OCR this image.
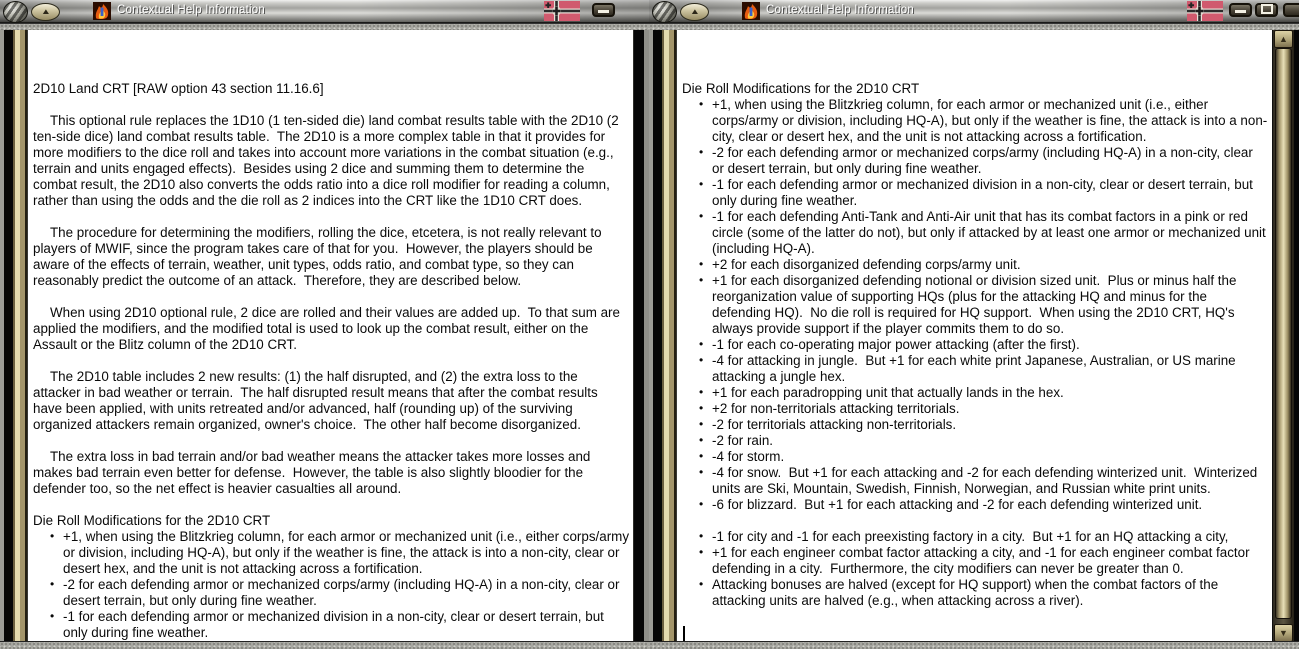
▲	Contextual Help Information

2D10 Land CRT [RAW option 43 section 11.16.6]
This optional rule replaces the 1D10 (1 ten-sided die) land combat results table with the 2D10 (2 ten-side dice) land combat results table.  The 2D10 is a more complex table in that it provides for more modifiers to the dice roll and takes into account more variations in the combat situation (e.g., terrain and units engaged effects).  Besides using 2 dice and summing them to determine the combat result, the 2D10 also converts the odds ratio into a dice roll modifier for reading a column, rather than using the odds and the die roll as 2 indices into the CRT like the 1D10 CRT does.
The procedure for determining the modifiers, rolling the dice, etcetera, is not really relevant to players of MWIF, since the program takes care of that for you.  However, the players should be aware of the effects of terrain, weather, unit types, odds ratio, and combat type, so they can reasonably predict the outcome of an attack.  Therefore, they are described below.
When using 2D10 optional rule, 2 dice are rolled and their values are added up.  To that sum are applied the modifiers, and the modified total is used to look up the combat result, either on the Assault or the Blitz column of the 2D10 CRT.
The 2D10 table includes 2 new results: (1) the half disrupted, and (2) the extra loss to the attacker in bad weather or terrain.  The half disrupted result means that after the combat results have been applied, with units retreated and/or advanced, half (rounding up) of the surviving organized attackers remain organized, owner's choice.  The other half become disorganized.
The extra loss in bad terrain and/or bad weather means the attacker takes more losses and makes bad terrain even better for defense.  However, the table is also slightly bloodier for the defender too, so the net effect is heavier casualties all around.
Die Roll Modifications for the 2D10 CRT
• +1, when using the Blitzkrieg column, for each armor or mechanized unit (i.e., either corps/army or division, including HQ-A), but only if the weather is fine, the attack is into a non-city, clear or desert hex, and the unit is not attacking across a fortification.
• -2 for each defending armor or mechanized corps/army (including HQ-A) in a non-city, clear or desert terrain, but only during fine weather.
• -1 for each defending armor or mechanized division in a non-city, clear or desert terrain, but only during fine weather.
▲	Contextual Help Information

Die Roll Modifications for the 2D10 CRT
• +1, when using the Blitzkrieg column, for each armor or mechanized unit (i.e., either corps/army or division, including HQ-A), but only if the weather is fine, the attack is into a non-city, clear or desert hex, and the unit is not attacking across a fortification.
• -2 for each defending armor or mechanized corps/army (including HQ-A) in a non-city, clear or desert terrain, but only during fine weather.
• -1 for each defending armor or mechanized division in a non-city, clear or desert terrain, but only during fine weather.
• -1 for each defending Anti-Tank and Anti-Air unit that has its combat factors in a pink or red circle (some of the latter do not), but only if attacked by at least one armor or mechanized unit (including HQ-A).
• +2 for each disorganized defending corps/army unit.
• +1 for each disorganized defending notional or division sized unit.  Plus or minus half the reorganization value of supporting HQs (plus for the attacking HQ and minus for the defending HQ).  No die roll is required for HQ support.  When using the 2D10 CRT, HQ's always provide support if the player commits them to do so.
• -1 for each co-operating major power attacking (after the first).
• -4 for attacking in jungle.  But +1 for each white print Japanese, Australian, or US marine attacking a jungle hex.
• +1 for each paradropping unit that actually lands in the hex.
• +2 for non-territorials attacking territorials.
• -2 for territorials attacking non-territorials.
• -2 for rain.
• -4 for storm.
• -4 for snow.  But +1 for each attacking and -2 for each defending winterized unit.  Winterized units are Ski, Mountain, Swedish, Finnish, Norwegian, and Russian white print units.
• -6 for blizzard.  But +1 for each attacking and -2 for each defending winterized unit.
• -1 for city and -1 for each preexisting factory in a city.  But +1 for an HQ attacking a city,
• +1 for each engineer combat factor attacking a city, and -1 for each engineer combat factor defending in a city.  Furthermore, the city modifiers can never be greater than 0.
• Attacking bonuses are halved (except for HQ support) when the combat factors of the attacking units are halved (e.g., when attacking across a river).
▲
▼
